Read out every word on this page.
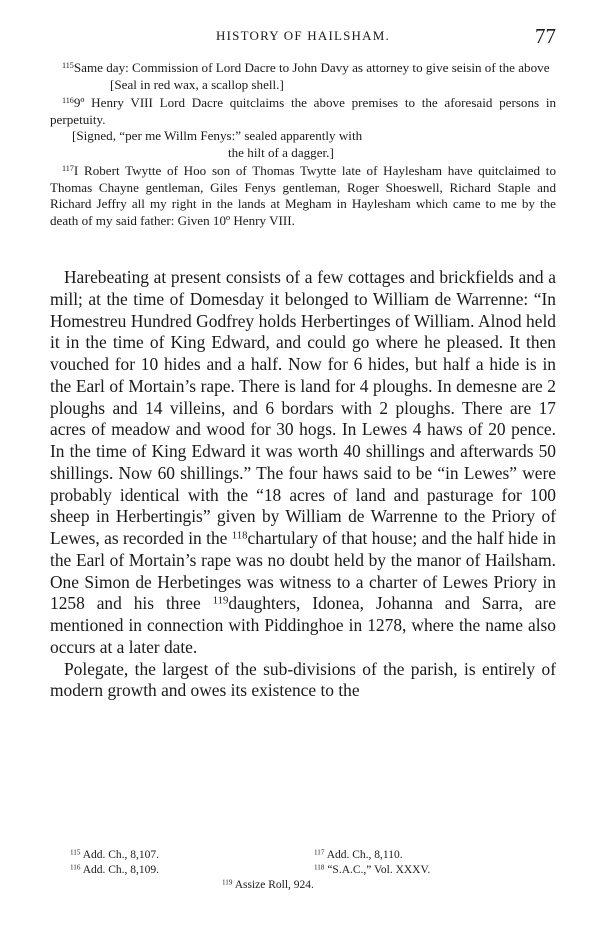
HISTORY OF HAILSHAM.	77

$^{115}$Same day: Commission of Lord Dacre to John Davy as attorney to give seisin of the above

[Seal in red wax, a scallop shell.]

$^{116}$9º Henry VIII Lord Dacre quitclaims the above premises to the aforesaid persons in perpetuity.

[Signed, “per me Willm Fenys:” sealed apparently with

the hilt of a dagger.]

$^{117}$I Robert Twytte of Hoo son of Thomas Twytte late of Haylesham have quitclaimed to Thomas Chayne gentleman, Giles Fenys gentleman, Roger Shoeswell, Richard Staple and Richard Jeffry all my right in the lands at Megham in Haylesham which came to me by the death of my said father: Given 10º Henry VIII.

Harebeating at present consists of a few cottages and brickfields and a mill; at the time of Domesday it belonged to William de Warrenne: “In Homestreu Hundred Godfrey holds Herbertinges of William. Alnod held it in the time of King Edward, and could go where he pleased. It then vouched for 10 hides and a half. Now for 6 hides, but half a hide is in the Earl of Mortain’s rape. There is land for 4 ploughs. In demesne are 2 ploughs and 14 villeins, and 6 bordars with 2 ploughs. There are 17 acres of meadow and wood for 30 hogs. In Lewes 4 haws of 20 pence. In the time of King Edward it was worth 40 shillings and afterwards 50 shillings. Now 60 shillings.” The four haws said to be “in Lewes” were probably identical with the “18 acres of land and pasturage for 100 sheep in Herbertingis” given by William de Warrenne to the Priory of Lewes, as recorded in the $^{118}$chartulary of that house; and the half hide in the Earl of Mortain’s rape was no doubt held by the manor of Hailsham. One Simon de Herbetinges was witness to a charter of Lewes Priory in 1258 and his three $^{119}$daughters, Idonea, Johanna and Sarra, are mentioned in connection with Piddinghoe in 1278, where the name also occurs at a later date.

Polegate, the largest of the sub-divisions of the parish, is entirely of modern growth and owes its existence to the

$^{115}$ Add. Ch., 8,107.	$^{117}$ Add. Ch., 8,110.
$^{116}$ Add. Ch., 8,109.	$^{118}$ “S.A.C.,” Vol. XXXV.
$^{119}$ Assize Roll, 924.
